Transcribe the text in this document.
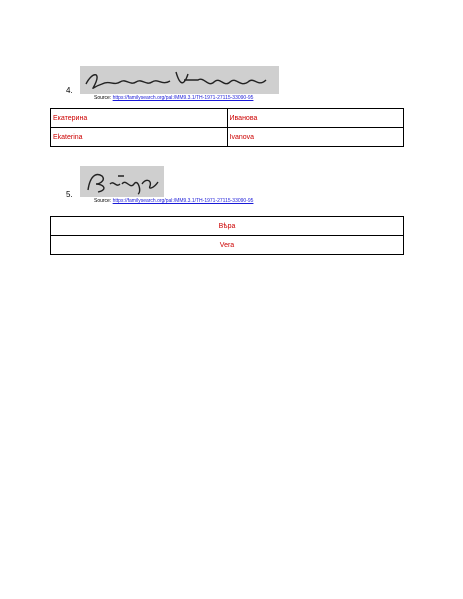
4.
Source: https://familysearch.org/pal:/MM9.3.1/TH-1971-27115-33090-95
Екатерина	Иванова
Ekaterina	Ivanova
5.
Source: https://familysearch.org/pal:/MM9.3.1/TH-1971-27115-33090-95
Вѣра
Vera
